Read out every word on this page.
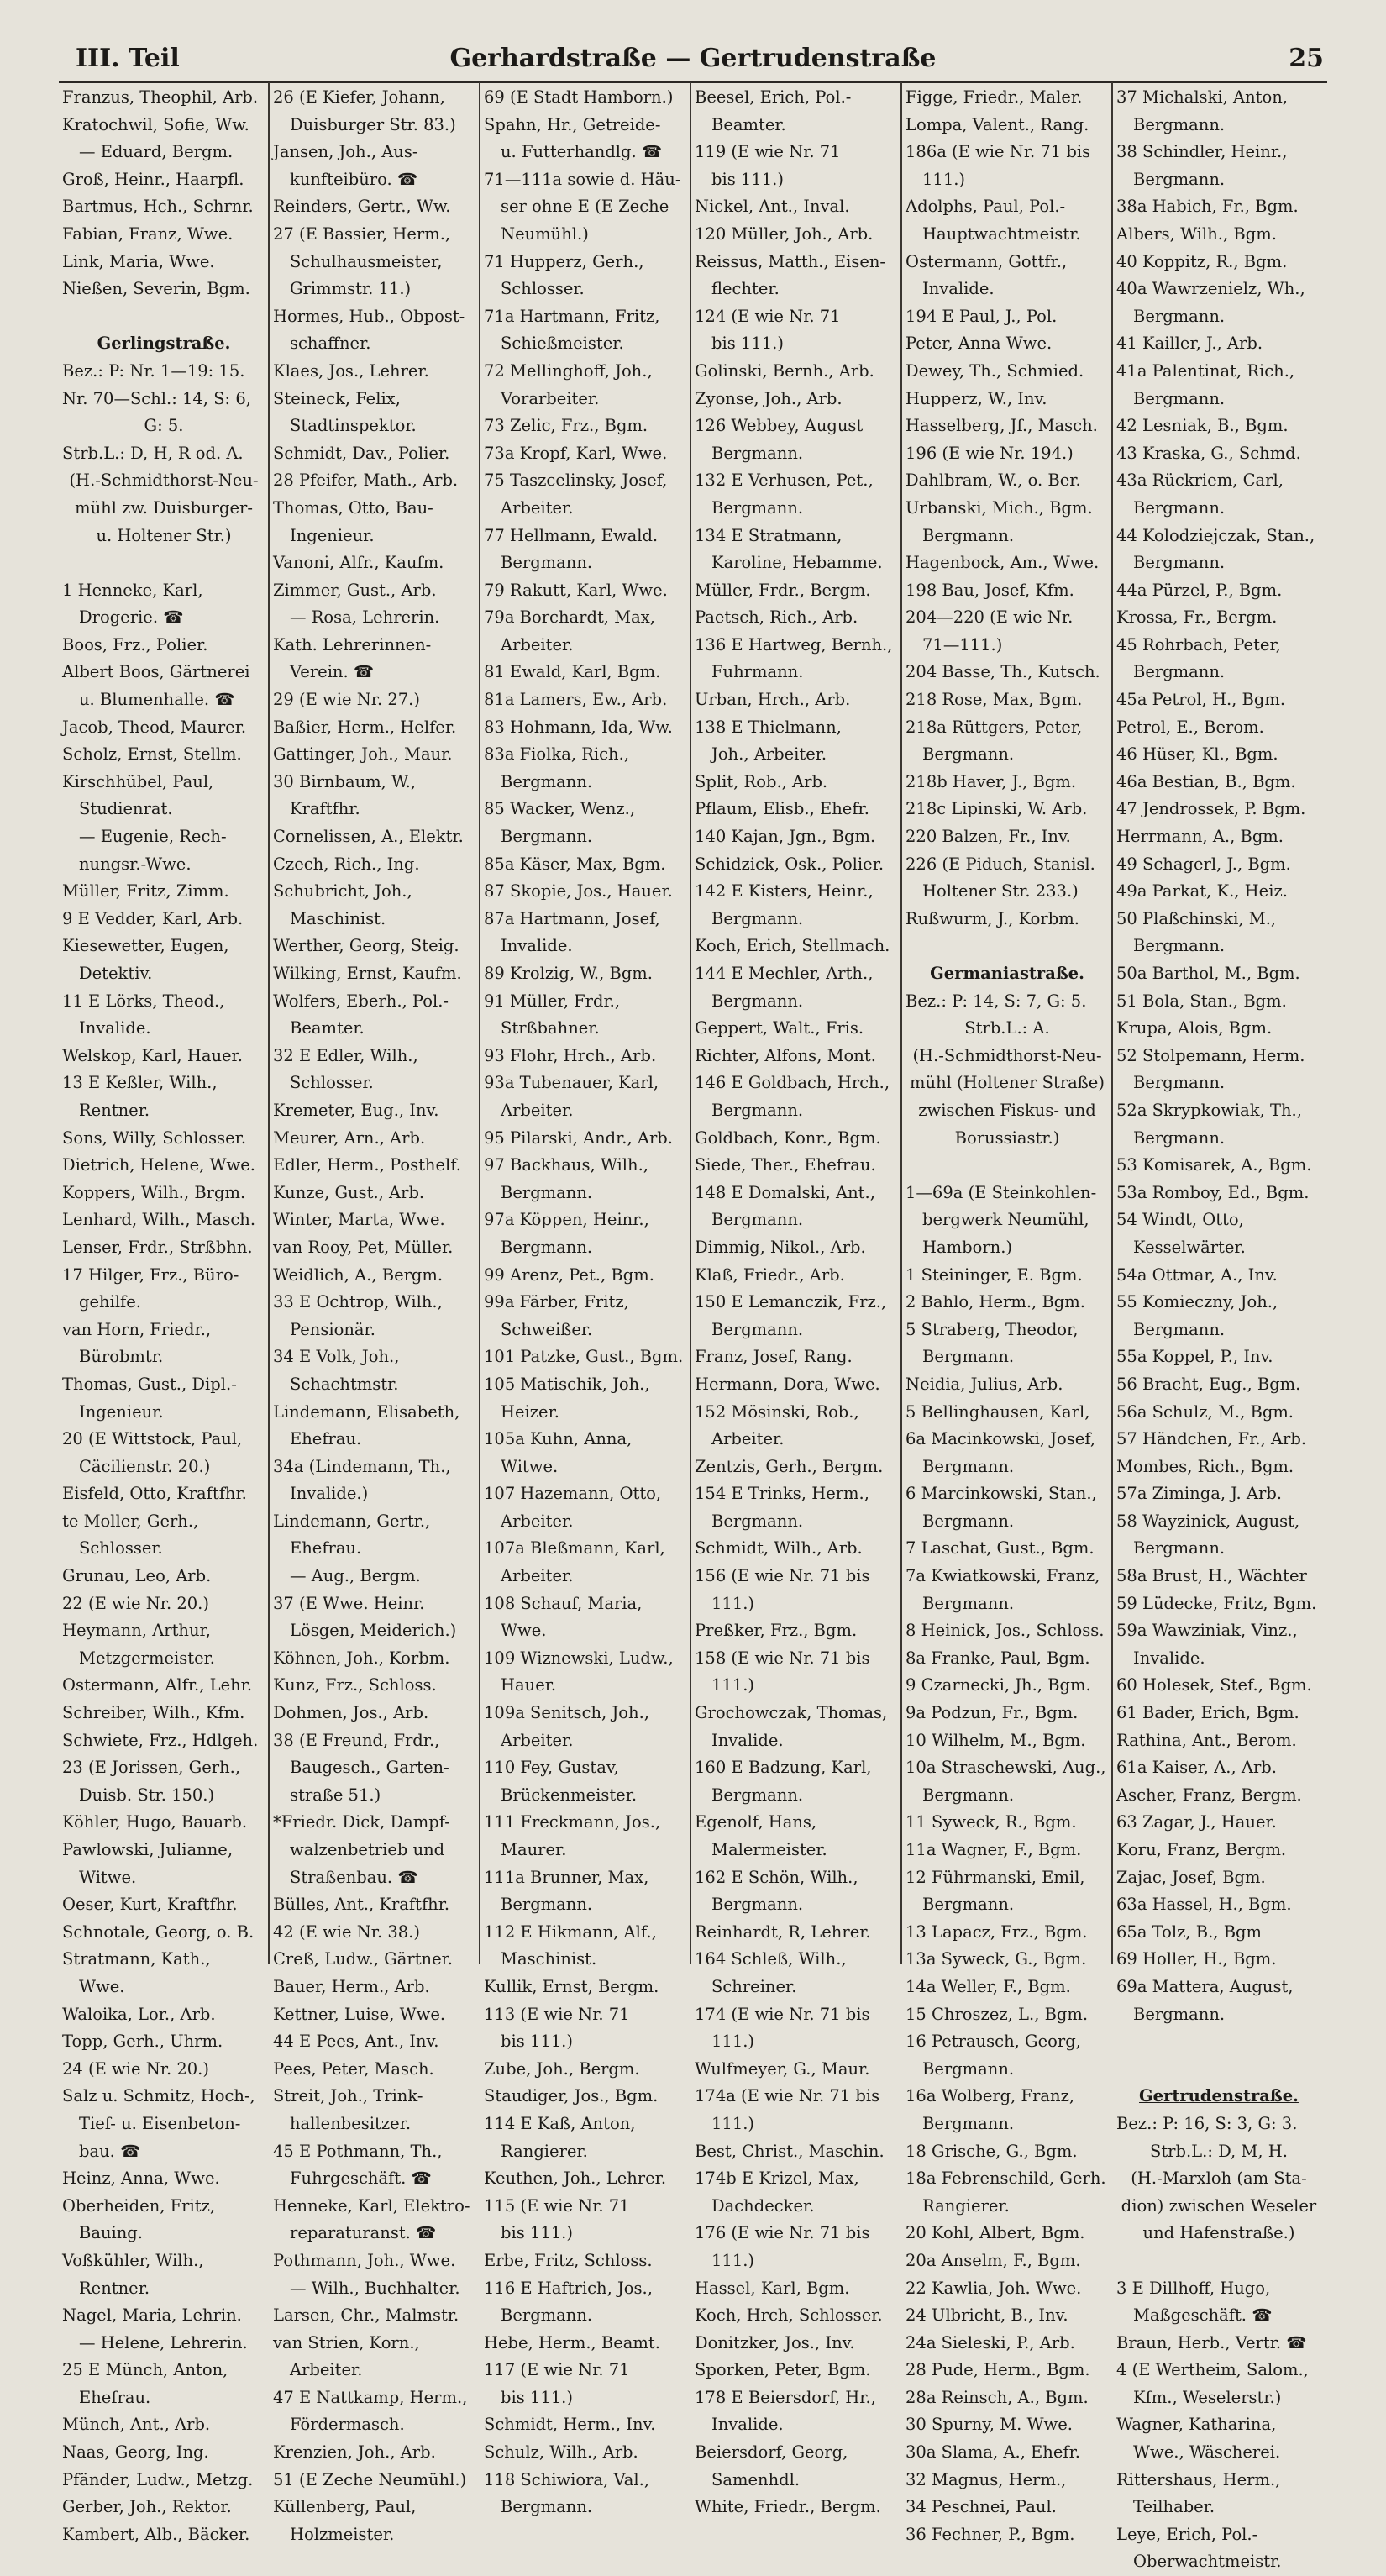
III. Teil	Gerhardstraße — Gertrudenstraße	25
Franzus, Theophil, Arb.
Kratochwil, Sofie, Ww.
— Eduard, Bergm.
Groß, Heinr., Haarpfl.
Bartmus, Hch., Schrnr.
Fabian, Franz, Wwe.
Link, Maria, Wwe.
Nießen, Severin, Bgm.
Gerlingstraße.
Bez.: P: Nr. 1—19: 15.
Nr. 70—Schl.: 14, S: 6,
G: 5.
Strb.L.: D, H, R od. A.
(H.-Schmidthorst-Neu-
mühl zw. Duisburger-
u. Holtener Str.)
1 Henneke, Karl,
Drogerie. ☎
Boos, Frz., Polier.
Albert Boos, Gärtnerei
u. Blumenhalle. ☎
Jacob, Theod, Maurer.
Scholz, Ernst, Stellm.
Kirschhübel, Paul,
Studienrat.
— Eugenie, Rech-
nungsr.-Wwe.
Müller, Fritz, Zimm.
9 E Vedder, Karl, Arb.
Kiesewetter, Eugen,
Detektiv.
11 E Lörks, Theod.,
Invalide.
Welskop, Karl, Hauer.
13 E Keßler, Wilh.,
Rentner.
Sons, Willy, Schlosser.
Dietrich, Helene, Wwe.
Koppers, Wilh., Brgm.
Lenhard, Wilh., Masch.
Lenser, Frdr., Strßbhn.
17 Hilger, Frz., Büro-
gehilfe.
van Horn, Friedr.,
Bürobmtr.
Thomas, Gust., Dipl.-
Ingenieur.
20 (E Wittstock, Paul,
Cäcilienstr. 20.)
Eisfeld, Otto, Kraftfhr.
te Moller, Gerh.,
Schlosser.
Grunau, Leo, Arb.
22 (E wie Nr. 20.)
Heymann, Arthur,
Metzgermeister.
Ostermann, Alfr., Lehr.
Schreiber, Wilh., Kfm.
Schwiete, Frz., Hdlgeh.
23 (E Jorissen, Gerh.,
Duisb. Str. 150.)
Köhler, Hugo, Bauarb.
Pawlowski, Julianne,
Witwe.
Oeser, Kurt, Kraftfhr.
Schnotale, Georg, o. B.
Stratmann, Kath.,
Wwe.
Waloika, Lor., Arb.
Topp, Gerh., Uhrm.
24 (E wie Nr. 20.)
Salz u. Schmitz, Hoch-,
Tief- u. Eisenbeton-
bau. ☎
Heinz, Anna, Wwe.
Oberheiden, Fritz,
Bauing.
Voßkühler, Wilh.,
Rentner.
Nagel, Maria, Lehrin.
— Helene, Lehrerin.
25 E Münch, Anton,
Ehefrau.
Münch, Ant., Arb.
Naas, Georg, Ing.
Pfänder, Ludw., Metzg.
Gerber, Joh., Rektor.
Kambert, Alb., Bäcker.
26 (E Kiefer, Johann,
Duisburger Str. 83.)
Jansen, Joh., Aus-
kunfteibüro. ☎
Reinders, Gertr., Ww.
27 (E Bassier, Herm.,
Schulhausmeister,
Grimmstr. 11.)
Hormes, Hub., Obpost-
schaffner.
Klaes, Jos., Lehrer.
Steineck, Felix,
Stadtinspektor.
Schmidt, Dav., Polier.
28 Pfeifer, Math., Arb.
Thomas, Otto, Bau-
Ingenieur.
Vanoni, Alfr., Kaufm.
Zimmer, Gust., Arb.
— Rosa, Lehrerin.
Kath. Lehrerinnen-
Verein. ☎
29 (E wie Nr. 27.)
Baßier, Herm., Helfer.
Gattinger, Joh., Maur.
30 Birnbaum, W.,
Kraftfhr.
Cornelissen, A., Elektr.
Czech, Rich., Ing.
Schubricht, Joh.,
Maschinist.
Werther, Georg, Steig.
Wilking, Ernst, Kaufm.
Wolfers, Eberh., Pol.-
Beamter.
32 E Edler, Wilh.,
Schlosser.
Kremeter, Eug., Inv.
Meurer, Arn., Arb.
Edler, Herm., Posthelf.
Kunze, Gust., Arb.
Winter, Marta, Wwe.
van Rooy, Pet, Müller.
Weidlich, A., Bergm.
33 E Ochtrop, Wilh.,
Pensionär.
34 E Volk, Joh.,
Schachtmstr.
Lindemann, Elisabeth,
Ehefrau.
34a (Lindemann, Th.,
Invalide.)
Lindemann, Gertr.,
Ehefrau.
— Aug., Bergm.
37 (E Wwe. Heinr.
Lösgen, Meiderich.)
Köhnen, Joh., Korbm.
Kunz, Frz., Schloss.
Dohmen, Jos., Arb.
38 (E Freund, Frdr.,
Baugesch., Garten-
straße 51.)
*Friedr. Dick, Dampf-
walzenbetrieb und
Straßenbau. ☎
Bülles, Ant., Kraftfhr.
42 (E wie Nr. 38.)
Creß, Ludw., Gärtner.
Bauer, Herm., Arb.
Kettner, Luise, Wwe.
44 E Pees, Ant., Inv.
Pees, Peter, Masch.
Streit, Joh., Trink-
hallenbesitzer.
45 E Pothmann, Th.,
Fuhrgeschäft. ☎
Henneke, Karl, Elektro-
reparaturanst. ☎
Pothmann, Joh., Wwe.
— Wilh., Buchhalter.
Larsen, Chr., Malmstr.
van Strien, Korn.,
Arbeiter.
47 E Nattkamp, Herm.,
Fördermasch.
Krenzien, Joh., Arb.
51 (E Zeche Neumühl.)
Küllenberg, Paul,
Holzmeister.
69 (E Stadt Hamborn.)
Spahn, Hr., Getreide-
u. Futterhandlg. ☎
71—111a sowie d. Häu-
ser ohne E (E Zeche
Neumühl.)
71 Hupperz, Gerh.,
Schlosser.
71a Hartmann, Fritz,
Schießmeister.
72 Mellinghoff, Joh.,
Vorarbeiter.
73 Zelic, Frz., Bgm.
73a Kropf, Karl, Wwe.
75 Taszcelinsky, Josef,
Arbeiter.
77 Hellmann, Ewald.
Bergmann.
79 Rakutt, Karl, Wwe.
79a Borchardt, Max,
Arbeiter.
81 Ewald, Karl, Bgm.
81a Lamers, Ew., Arb.
83 Hohmann, Ida, Ww.
83a Fiolka, Rich.,
Bergmann.
85 Wacker, Wenz.,
Bergmann.
85a Käser, Max, Bgm.
87 Skopie, Jos., Hauer.
87a Hartmann, Josef,
Invalide.
89 Krolzig, W., Bgm.
91 Müller, Frdr.,
Strßbahner.
93 Flohr, Hrch., Arb.
93a Tubenauer, Karl,
Arbeiter.
95 Pilarski, Andr., Arb.
97 Backhaus, Wilh.,
Bergmann.
97a Köppen, Heinr.,
Bergmann.
99 Arenz, Pet., Bgm.
99a Färber, Fritz,
Schweißer.
101 Patzke, Gust., Bgm.
105 Matischik, Joh.,
Heizer.
105a Kuhn, Anna,
Witwe.
107 Hazemann, Otto,
Arbeiter.
107a Bleßmann, Karl,
Arbeiter.
108 Schauf, Maria,
Wwe.
109 Wiznewski, Ludw.,
Hauer.
109a Senitsch, Joh.,
Arbeiter.
110 Fey, Gustav,
Brückenmeister.
111 Freckmann, Jos.,
Maurer.
111a Brunner, Max,
Bergmann.
112 E Hikmann, Alf.,
Maschinist.
Kullik, Ernst, Bergm.
113 (E wie Nr. 71
bis 111.)
Zube, Joh., Bergm.
Staudiger, Jos., Bgm.
114 E Kaß, Anton,
Rangierer.
Keuthen, Joh., Lehrer.
115 (E wie Nr. 71
bis 111.)
Erbe, Fritz, Schloss.
116 E Haftrich, Jos.,
Bergmann.
Hebe, Herm., Beamt.
117 (E wie Nr. 71
bis 111.)
Schmidt, Herm., Inv.
Schulz, Wilh., Arb.
118 Schiwiora, Val.,
Bergmann.
Beesel, Erich, Pol.-
Beamter.
119 (E wie Nr. 71
bis 111.)
Nickel, Ant., Inval.
120 Müller, Joh., Arb.
Reissus, Matth., Eisen-
flechter.
124 (E wie Nr. 71
bis 111.)
Golinski, Bernh., Arb.
Zyonse, Joh., Arb.
126 Webbey, August
Bergmann.
132 E Verhusen, Pet.,
Bergmann.
134 E Stratmann,
Karoline, Hebamme.
Müller, Frdr., Bergm.
Paetsch, Rich., Arb.
136 E Hartweg, Bernh.,
Fuhrmann.
Urban, Hrch., Arb.
138 E Thielmann,
Joh., Arbeiter.
Split, Rob., Arb.
Pflaum, Elisb., Ehefr.
140 Kajan, Jgn., Bgm.
Schidzick, Osk., Polier.
142 E Kisters, Heinr.,
Bergmann.
Koch, Erich, Stellmach.
144 E Mechler, Arth.,
Bergmann.
Geppert, Walt., Fris.
Richter, Alfons, Mont.
146 E Goldbach, Hrch.,
Bergmann.
Goldbach, Konr., Bgm.
Siede, Ther., Ehefrau.
148 E Domalski, Ant.,
Bergmann.
Dimmig, Nikol., Arb.
Klaß, Friedr., Arb.
150 E Lemanczik, Frz.,
Bergmann.
Franz, Josef, Rang.
Hermann, Dora, Wwe.
152 Mösinski, Rob.,
Arbeiter.
Zentzis, Gerh., Bergm.
154 E Trinks, Herm.,
Bergmann.
Schmidt, Wilh., Arb.
156 (E wie Nr. 71 bis
111.)
Preßker, Frz., Bgm.
158 (E wie Nr. 71 bis
111.)
Grochowczak, Thomas,
Invalide.
160 E Badzung, Karl,
Bergmann.
Egenolf, Hans,
Malermeister.
162 E Schön, Wilh.,
Bergmann.
Reinhardt, R, Lehrer.
164 Schleß, Wilh.,
Schreiner.
174 (E wie Nr. 71 bis
111.)
Wulfmeyer, G., Maur.
174a (E wie Nr. 71 bis
111.)
Best, Christ., Maschin.
174b E Krizel, Max,
Dachdecker.
176 (E wie Nr. 71 bis
111.)
Hassel, Karl, Bgm.
Koch, Hrch, Schlosser.
Donitzker, Jos., Inv.
Sporken, Peter, Bgm.
178 E Beiersdorf, Hr.,
Invalide.
Beiersdorf, Georg,
Samenhdl.
White, Friedr., Bergm.
Figge, Friedr., Maler.
Lompa, Valent., Rang.
186a (E wie Nr. 71 bis
111.)
Adolphs, Paul, Pol.-
Hauptwachtmeistr.
Ostermann, Gottfr.,
Invalide.
194 E Paul, J., Pol.
Peter, Anna Wwe.
Dewey, Th., Schmied.
Hupperz, W., Inv.
Hasselberg, Jf., Masch.
196 (E wie Nr. 194.)
Dahlbram, W., o. Ber.
Urbanski, Mich., Bgm.
Bergmann.
Hagenbock, Am., Wwe.
198 Bau, Josef, Kfm.
204—220 (E wie Nr.
71—111.)
204 Basse, Th., Kutsch.
218 Rose, Max, Bgm.
218a Rüttgers, Peter,
Bergmann.
218b Haver, J., Bgm.
218c Lipinski, W. Arb.
220 Balzen, Fr., Inv.
226 (E Piduch, Stanisl.
Holtener Str. 233.)
Rußwurm, J., Korbm.
Germaniastraße.
Bez.: P: 14, S: 7, G: 5.
Strb.L.: A.
(H.-Schmidthorst-Neu-
mühl (Holtener Straße)
zwischen Fiskus- und
Borussiastr.)
1—69a (E Steinkohlen-
bergwerk Neumühl,
Hamborn.)
1 Steininger, E. Bgm.
2 Bahlo, Herm., Bgm.
5 Straberg, Theodor,
Bergmann.
Neidia, Julius, Arb.
5 Bellinghausen, Karl,
6a Macinkowski, Josef,
Bergmann.
6 Marcinkowski, Stan.,
Bergmann.
7 Laschat, Gust., Bgm.
7a Kwiatkowski, Franz,
Bergmann.
8 Heinick, Jos., Schloss.
8a Franke, Paul, Bgm.
9 Czarnecki, Jh., Bgm.
9a Podzun, Fr., Bgm.
10 Wilhelm, M., Bgm.
10a Straschewski, Aug.,
Bergmann.
11 Syweck, R., Bgm.
11a Wagner, F., Bgm.
12 Führmanski, Emil,
Bergmann.
13 Lapacz, Frz., Bgm.
13a Syweck, G., Bgm.
14a Weller, F., Bgm.
15 Chroszez, L., Bgm.
16 Petrausch, Georg,
Bergmann.
16a Wolberg, Franz,
Bergmann.
18 Grische, G., Bgm.
18a Febrenschild, Gerh.
Rangierer.
20 Kohl, Albert, Bgm.
20a Anselm, F., Bgm.
22 Kawlia, Joh. Wwe.
24 Ulbricht, B., Inv.
24a Sieleski, P., Arb.
28 Pude, Herm., Bgm.
28a Reinsch, A., Bgm.
30 Spurny, M. Wwe.
30a Slama, A., Ehefr.
32 Magnus, Herm.,
34 Peschnei, Paul.
36 Fechner, P., Bgm.
37 Michalski, Anton,
Bergmann.
38 Schindler, Heinr.,
Bergmann.
38a Habich, Fr., Bgm.
Albers, Wilh., Bgm.
40 Koppitz, R., Bgm.
40a Wawrzenielz, Wh.,
Bergmann.
41 Kailler, J., Arb.
41a Palentinat, Rich.,
Bergmann.
42 Lesniak, B., Bgm.
43 Kraska, G., Schmd.
43a Rückriem, Carl,
Bergmann.
44 Kolodziejczak, Stan.,
Bergmann.
44a Pürzel, P., Bgm.
Krossa, Fr., Bergm.
45 Rohrbach, Peter,
Bergmann.
45a Petrol, H., Bgm.
Petrol, E., Berom.
46 Hüser, Kl., Bgm.
46a Bestian, B., Bgm.
47 Jendrossek, P. Bgm.
Herrmann, A., Bgm.
49 Schagerl, J., Bgm.
49a Parkat, K., Heiz.
50 Plaßchinski, M.,
Bergmann.
50a Barthol, M., Bgm.
51 Bola, Stan., Bgm.
Krupa, Alois, Bgm.
52 Stolpemann, Herm.
Bergmann.
52a Skrypkowiak, Th.,
Bergmann.
53 Komisarek, A., Bgm.
53a Romboy, Ed., Bgm.
54 Windt, Otto,
Kesselwärter.
54a Ottmar, A., Inv.
55 Komieczny, Joh.,
Bergmann.
55a Koppel, P., Inv.
56 Bracht, Eug., Bgm.
56a Schulz, M., Bgm.
57 Händchen, Fr., Arb.
Mombes, Rich., Bgm.
57a Ziminga, J. Arb.
58 Wayzinick, August,
Bergmann.
58a Brust, H., Wächter
59 Lüdecke, Fritz, Bgm.
59a Wawziniak, Vinz.,
Invalide.
60 Holesek, Stef., Bgm.
61 Bader, Erich, Bgm.
Rathina, Ant., Berom.
61a Kaiser, A., Arb.
Ascher, Franz, Bergm.
63 Zagar, J., Hauer.
Koru, Franz, Bergm.
Zajac, Josef, Bgm.
63a Hassel, H., Bgm.
65a Tolz, B., Bgm
69 Holler, H., Bgm.
69a Mattera, August,
Bergmann.
Gertrudenstraße.
Bez.: P: 16, S: 3, G: 3.
Strb.L.: D, M, H.
(H.-Marxloh (am Sta-
dion) zwischen Weseler
und Hafenstraße.)
3 E Dillhoff, Hugo,
Maßgeschäft. ☎
Braun, Herb., Vertr. ☎
4 (E Wertheim, Salom.,
Kfm., Weselerstr.)
Wagner, Katharina,
Wwe., Wäscherei.
Rittershaus, Herm.,
Teilhaber.
Leye, Erich, Pol.-
Oberwachtmeistr.
